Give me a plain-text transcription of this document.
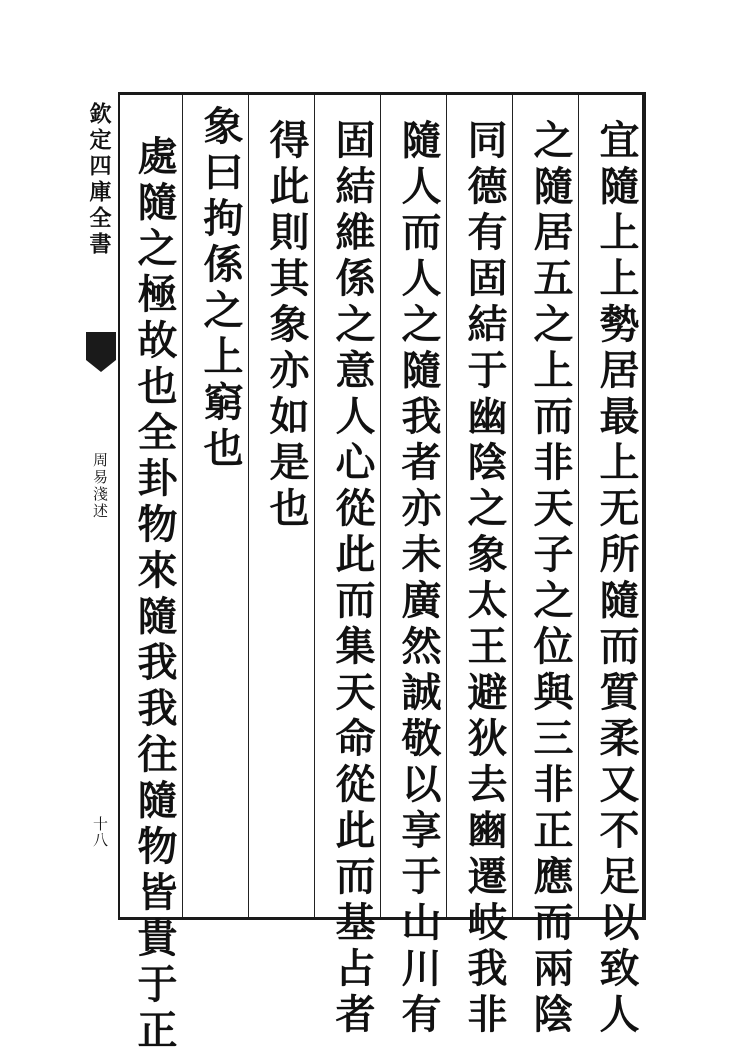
欽定四庫全書
周易淺述
十八	宜隨上上勢居最上无所隨而質柔又不足以致人
之隨居五之上而非天子之位與三非正應而兩陰
同德有固結于幽陰之象太王避狄去豳遷岐我非
隨人而人之隨我者亦未廣然誠敬以享于山川有
固結維係之意人心從此而集天命從此而基占者
得此則其象亦如是也
象曰拘係之上窮也
處隨之極故也全卦物來隨我我往隨物皆貴于正
